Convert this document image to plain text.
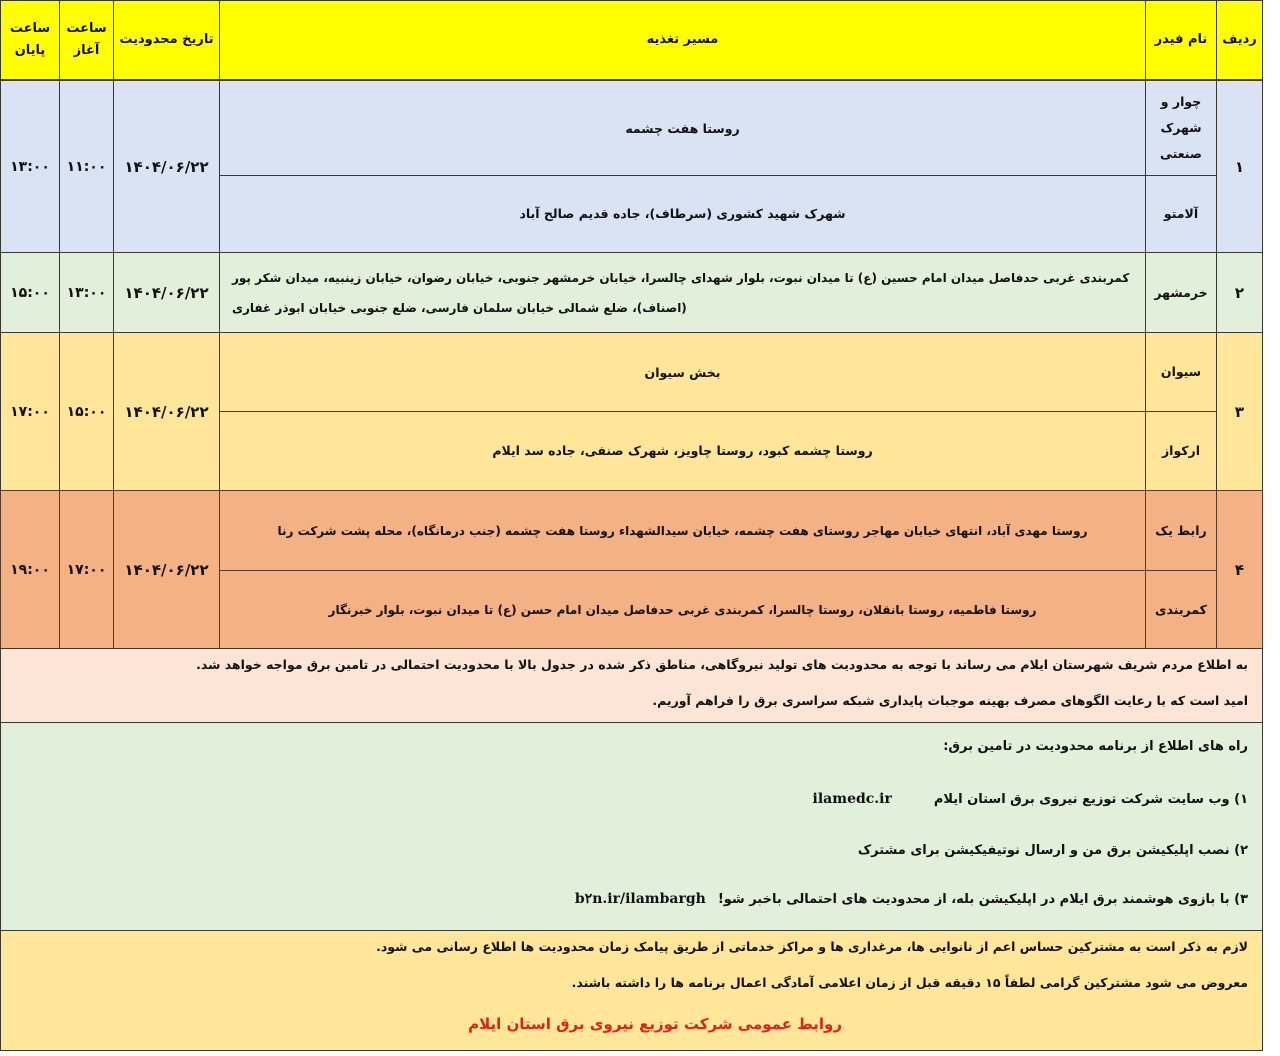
ردیف
نام فیدر
مسیر تغذیه
تاریخ محدودیت
ساعت
آغاز
ساعت
پایان
۱
چوار و
شهرک
صنعتی
روستا هفت چشمه
آلامتو
شهرک شهید کشوری (سرطاف)، جاده قدیم صالح آباد
۱۴۰۴/۰۶/۲۲
۱۱:۰۰
۱۳:۰۰
۲
خرمشهر
کمربندی غربی حدفاصل میدان امام حسین (ع) تا میدان نبوت، بلوار شهدای چالسرا، خیابان خرمشهر جنوبی، خیابان رضوان، خیابان زینبیه، میدان شکر پور
(اصناف)، ضلع شمالی خیابان سلمان فارسی، ضلع جنوبی خیابان ابوذر غفاری
۱۴۰۴/۰۶/۲۲
۱۳:۰۰
۱۵:۰۰
۳
سیوان
بخش سیوان
ارکواز
روستا چشمه کبود، روستا چاویز، شهرک صنفی، جاده سد ایلام
۱۴۰۴/۰۶/۲۲
۱۵:۰۰
۱۷:۰۰
۴
رابط یک
روستا مهدی آباد، انتهای خیابان مهاجر روستای هفت چشمه، خیابان سیدالشهداء روستا هفت چشمه (جنب درمانگاه)، محله پشت شرکت رنا
کمربندی
روستا فاطمیه، روستا بانقلان، روستا چالسرا، کمربندی غربی حدفاصل میدان امام حسن (ع) تا میدان نبوت، بلوار خبرنگار
۱۴۰۴/۰۶/۲۲
۱۷:۰۰
۱۹:۰۰
به اطلاع مردم شریف شهرستان ایلام می رساند با توجه به محدودیت های تولید نیروگاهی، مناطق ذکر شده در جدول بالا با محدودیت احتمالی در تامین برق مواجه خواهد شد.
امید است که با رعایت الگوهای مصرف بهینه موجبات پایداری شبکه سراسری برق را فراهم آوریم.
راه های اطلاع از برنامه محدودیت در تامین برق:
۱) وب سایت شرکت توزیع نیروی برق استان ایلام
ilamedc.ir
۲) نصب اپلیکیشن برق من و ارسال نوتیفیکیشن برای مشترک
۳) با بازوی هوشمند برق ایلام در اپلیکیشن بله، از محدودیت های احتمالی باخبر شو!
b۲n.ir/ilambargh
لازم به ذکر است به مشترکین حساس اعم از نانوایی ها، مرغداری ها و مراکز خدماتی از طریق پیامک زمان محدودیت ها اطلاع رسانی می شود.
معروض می شود مشترکین گرامی لطفاً ۱۵ دقیقه قبل از زمان اعلامی آمادگی اعمال برنامه ها را داشته باشند.
روابط عمومی شرکت توزیع نیروی برق استان ایلام
